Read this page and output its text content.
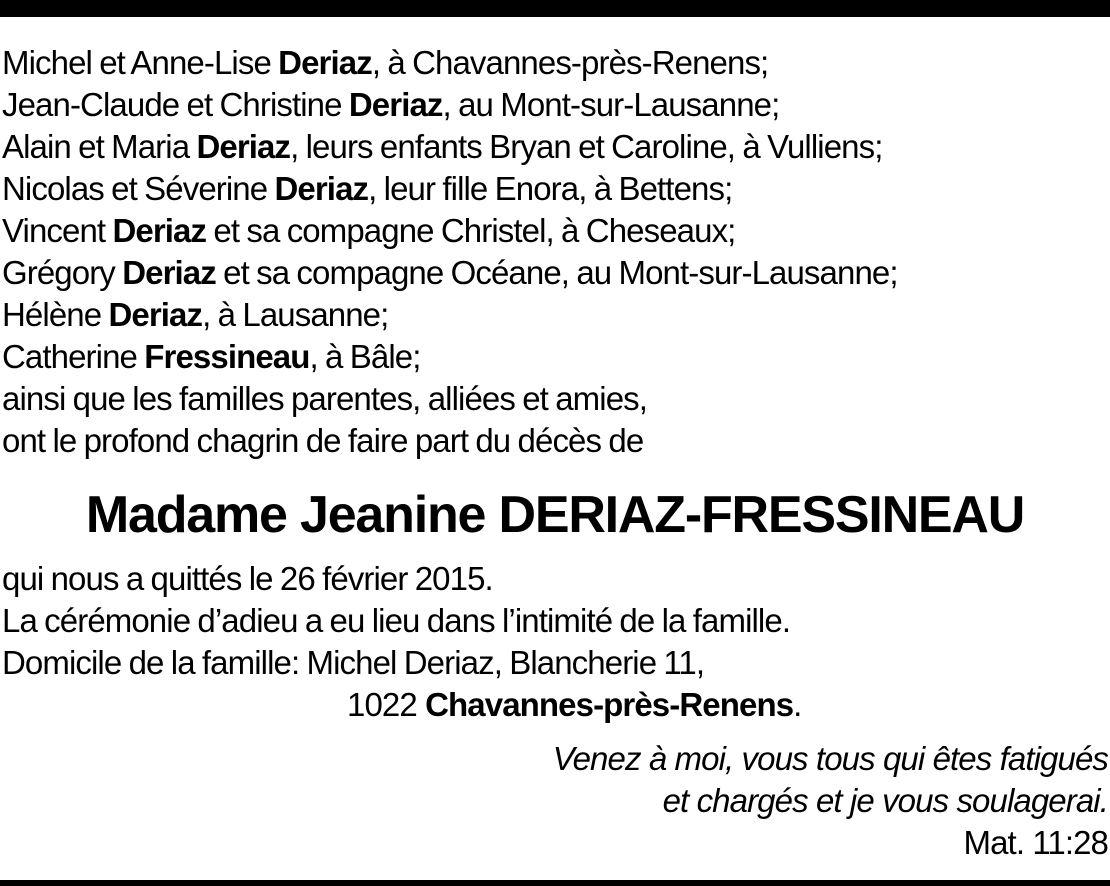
Michel et Anne-Lise Deriaz, à Chavannes-près-Renens;
Jean-Claude et Christine Deriaz, au Mont-sur-Lausanne;
Alain et Maria Deriaz, leurs enfants Bryan et Caroline, à Vulliens;
Nicolas et Séverine Deriaz, leur fille Enora, à Bettens;
Vincent Deriaz et sa compagne Christel, à Cheseaux;
Grégory Deriaz et sa compagne Océane, au Mont-sur-Lausanne;
Hélène Deriaz, à Lausanne;
Catherine Fressineau, à Bâle;
ainsi que les familles parentes, alliées et amies,
ont le profond chagrin de faire part du décès de
Madame Jeanine DERIAZ-FRESSINEAU
qui nous a quittés le 26 février 2015.
La cérémonie d’adieu a eu lieu dans l’intimité de la famille.
Domicile de la famille: Michel Deriaz, Blancherie 11,
1022 Chavannes-près-Renens.
Venez à moi, vous tous qui êtes fatigués
et chargés et je vous soulagerai.
Mat. 11:28
